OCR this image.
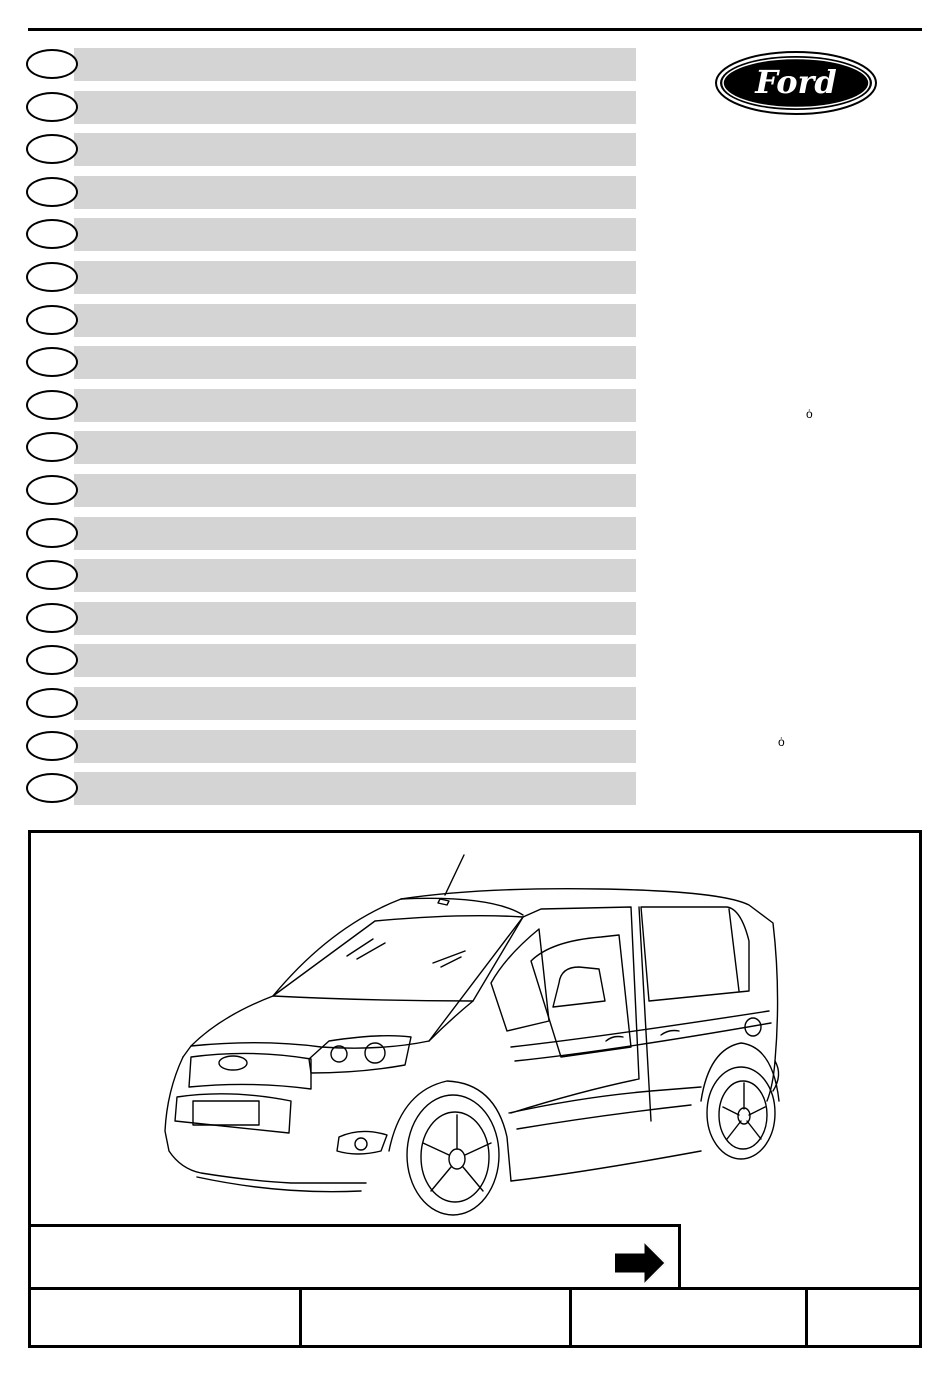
Ford
ȯ
ȯ
